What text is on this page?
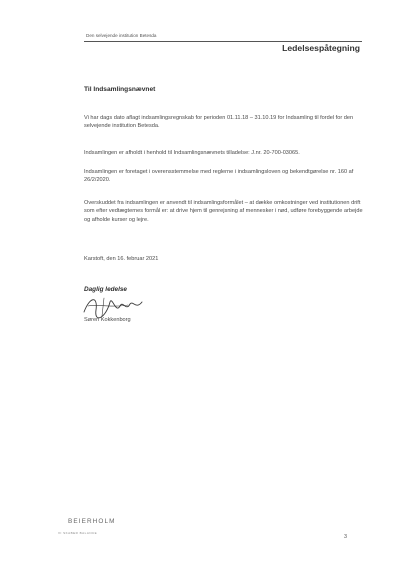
Den selvejende institution Betesda
Ledelsespåtegning
Til Indsamlingsnævnet
Vi har dags dato aflagt indsamlingsregnskab for perioden 01.11.18 – 31.10.19 for Indsamling til fordel for den selvejende institution Betesda.
Indsamlingen er afholdt i henhold til Indsamlingsnævnets tilladelse: J.nr. 20-700-03065.
Indsamlingen er foretaget i overensstemmelse med reglerne i indsamlingsloven og bekendtgørelse nr. 160 af 26/2/2020.
Overskuddet fra indsamlingen er anvendt til indsamlingsformålet – at dække omkostninger ved institutionen drift som efter vedtægternes formål er: at drive hjem til genrejsning af mennesker i nød, udføre forebyggende arbejde og afholde kurser og lejre.
Karstoft, den 16. februar 2021
Daglig ledelse
Søren Kokkenborg
BEIERHOLM
VI SKABER BALANCE
3
